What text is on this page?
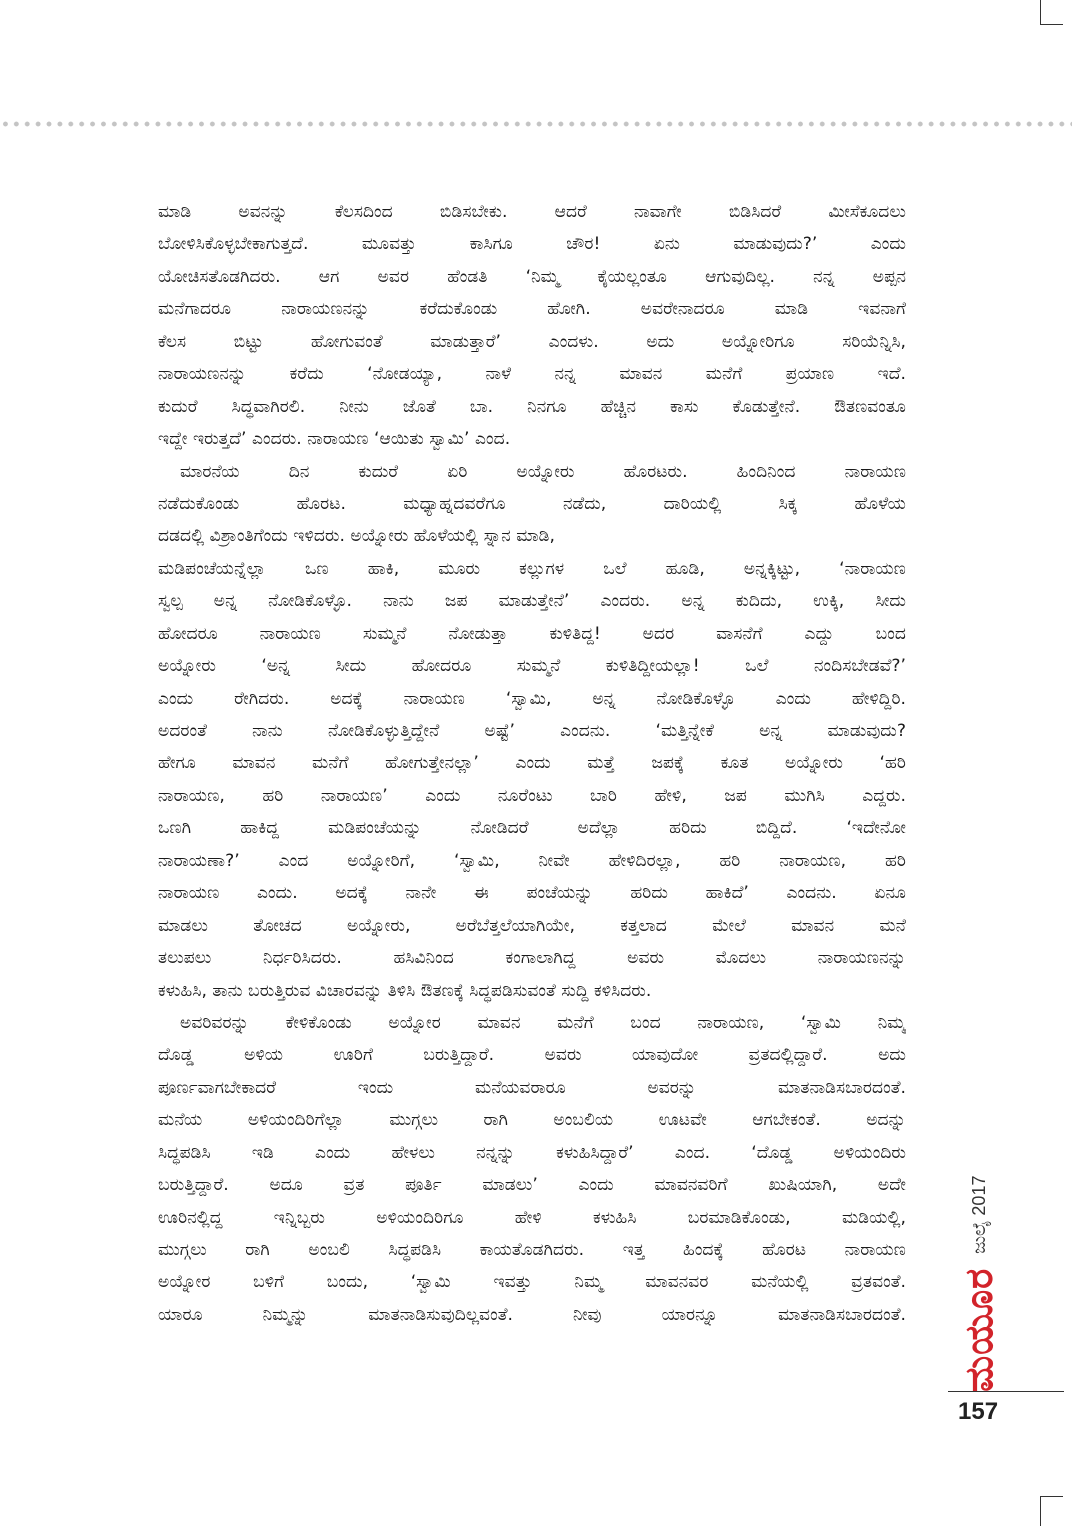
ಮಾಡಿ ಅವನನ್ನು ಕೆಲಸದಿಂದ ಬಿಡಿಸಬೇಕು. ಆದರೆ ನಾವಾಗೇ ಬಿಡಿಸಿದರೆ ಮೀಸೆಕೂದಲು
ಬೋಳಿಸಿಕೊಳ್ಳಬೇಕಾಗುತ್ತದೆ. ಮೂವತ್ತು ಕಾಸಿಗೂ ಚೌರ! ಏನು ಮಾಡುವುದು?’ ಎಂದು
ಯೋಚಿಸತೊಡಗಿದರು. ಆಗ ಅವರ ಹೆಂಡತಿ ‘ನಿಮ್ಮ ಕೈಯಲ್ಲಂತೂ ಆಗುವುದಿಲ್ಲ. ನನ್ನ ಅಪ್ಪನ
ಮನೆಗಾದರೂ ನಾರಾಯಣನನ್ನು ಕರೆದುಕೊಂಡು ಹೋಗಿ. ಅವರೇನಾದರೂ ಮಾಡಿ ಇವನಾಗೆ
ಕೆಲಸ ಬಿಟ್ಟು ಹೋಗುವಂತೆ ಮಾಡುತ್ತಾರೆ’ ಎಂದಳು. ಅದು ಅಯ್ನೋರಿಗೂ ಸರಿಯೆನ್ನಿಸಿ,
ನಾರಾಯಣನನ್ನು ಕರೆದು ‘ನೋಡಯ್ಯಾ, ನಾಳೆ ನನ್ನ ಮಾವನ ಮನೆಗೆ ಪ್ರಯಾಣ ಇದೆ.
ಕುದುರೆ ಸಿದ್ಧವಾಗಿರಲಿ. ನೀನು ಜೊತೆ ಬಾ. ನಿನಗೂ ಹೆಚ್ಚಿನ ಕಾಸು ಕೊಡುತ್ತೇನೆ. ಔತಣವಂತೂ
ಇದ್ದೇ ಇರುತ್ತದೆ’ ಎಂದರು. ನಾರಾಯಣ ‘ಆಯಿತು ಸ್ವಾಮಿ’ ಎಂದ.
ಮಾರನೆಯ ದಿನ ಕುದುರೆ ಏರಿ ಅಯ್ನೋರು ಹೊರಟರು. ಹಿಂದಿನಿಂದ ನಾರಾಯಣ
ನಡೆದುಕೊಂಡು ಹೊರಟ. ಮಧ್ಯಾಹ್ನದವರೆಗೂ ನಡೆದು, ದಾರಿಯಲ್ಲಿ ಸಿಕ್ಕ ಹೊಳೆಯ
ದಡದಲ್ಲಿ ವಿಶ್ರಾಂತಿಗೆಂದು ಇಳಿದರು. ಅಯ್ನೋರು ಹೊಳೆಯಲ್ಲಿ ಸ್ನಾನ ಮಾಡಿ,
ಮಡಿಪಂಚೆಯನ್ನೆಲ್ಲಾ ಒಣ ಹಾಕಿ, ಮೂರು ಕಲ್ಲುಗಳ ಒಲೆ ಹೂಡಿ, ಅನ್ನಕ್ಕಿಟ್ಟು, ‘ನಾರಾಯಣ
ಸ್ವಲ್ಪ ಅನ್ನ ನೋಡಿಕೊಳ್ಳೊ. ನಾನು ಜಪ ಮಾಡುತ್ತೇನೆ’ ಎಂದರು. ಅನ್ನ ಕುದಿದು, ಉಕ್ಕಿ, ಸೀದು
ಹೋದರೂ ನಾರಾಯಣ ಸುಮ್ಮನೆ ನೋಡುತ್ತಾ ಕುಳಿತಿದ್ದ! ಅದರ ವಾಸನೆಗೆ ಎದ್ದು ಬಂದ
ಅಯ್ನೋರು ‘ಅನ್ನ ಸೀದು ಹೋದರೂ ಸುಮ್ಮನೆ ಕುಳಿತಿದ್ದೀಯಲ್ಲಾ! ಒಲೆ ನಂದಿಸಬೇಡವೆ?’
ಎಂದು ರೇಗಿದರು. ಅದಕ್ಕೆ ನಾರಾಯಣ ‘ಸ್ವಾಮಿ, ಅನ್ನ ನೋಡಿಕೊಳ್ಳೊ ಎಂದು ಹೇಳಿದ್ದಿರಿ.
ಅದರಂತೆ ನಾನು ನೋಡಿಕೊಳ್ಳುತ್ತಿದ್ದೇನೆ ಅಷ್ಟೆ’ ಎಂದನು. ‘ಮತ್ತಿನ್ನೇಕೆ ಅನ್ನ ಮಾಡುವುದು?
ಹೇಗೂ ಮಾವನ ಮನೆಗೆ ಹೋಗುತ್ತೇನಲ್ಲಾ’ ಎಂದು ಮತ್ತೆ ಜಪಕ್ಕೆ ಕೂತ ಅಯ್ನೋರು ‘ಹರಿ
ನಾರಾಯಣ, ಹರಿ ನಾರಾಯಣ’ ಎಂದು ನೂರೆಂಟು ಬಾರಿ ಹೇಳಿ, ಜಪ ಮುಗಿಸಿ ಎದ್ದರು.
ಒಣಗಿ ಹಾಕಿದ್ದ ಮಡಿಪಂಚೆಯನ್ನು ನೋಡಿದರೆ ಅದೆಲ್ಲಾ ಹರಿದು ಬಿದ್ದಿದೆ. ‘ಇದೇನೋ
ನಾರಾಯಣಾ?’ ಎಂದ ಅಯ್ನೋರಿಗೆ, ‘ಸ್ವಾಮಿ, ನೀವೇ ಹೇಳಿದಿರಲ್ಲಾ, ಹರಿ ನಾರಾಯಣ, ಹರಿ
ನಾರಾಯಣ ಎಂದು. ಅದಕ್ಕೆ ನಾನೇ ಈ ಪಂಚೆಯನ್ನು ಹರಿದು ಹಾಕಿದೆ’ ಎಂದನು. ಏನೂ
ಮಾಡಲು ತೋಚದ ಅಯ್ನೋರು, ಅರೆಬೆತ್ತಲೆಯಾಗಿಯೇ, ಕತ್ತಲಾದ ಮೇಲೆ ಮಾವನ ಮನೆ
ತಲುಪಲು ನಿರ್ಧರಿಸಿದರು. ಹಸಿವಿನಿಂದ ಕಂಗಾಲಾಗಿದ್ದ ಅವರು ಮೊದಲು ನಾರಾಯಣನನ್ನು
ಕಳುಹಿಸಿ, ತಾನು ಬರುತ್ತಿರುವ ವಿಚಾರವನ್ನು ತಿಳಿಸಿ ಔತಣಕ್ಕೆ ಸಿದ್ಧಪಡಿಸುವಂತೆ ಸುದ್ದಿ ಕಳಿಸಿದರು.
ಅವರಿವರನ್ನು ಕೇಳಿಕೊಂಡು ಅಯ್ನೋರ ಮಾವನ ಮನೆಗೆ ಬಂದ ನಾರಾಯಣ, ‘ಸ್ವಾಮಿ ನಿಮ್ಮ
ದೊಡ್ಡ ಅಳಿಯ ಊರಿಗೆ ಬರುತ್ತಿದ್ದಾರೆ. ಅವರು ಯಾವುದೋ ವ್ರತದಲ್ಲಿದ್ದಾರೆ. ಅದು
ಪೂರ್ಣವಾಗಬೇಕಾದರೆ ಇಂದು ಮನೆಯವರಾರೂ ಅವರನ್ನು ಮಾತನಾಡಿಸಬಾರದಂತೆ.
ಮನೆಯ ಅಳಿಯಂದಿರಿಗೆಲ್ಲಾ ಮುಗ್ಗಲು ರಾಗಿ ಅಂಬಲಿಯ ಊಟವೇ ಆಗಬೇಕಂತೆ. ಅದನ್ನು
ಸಿದ್ಧಪಡಿಸಿ ಇಡಿ ಎಂದು ಹೇಳಲು ನನ್ನನ್ನು ಕಳುಹಿಸಿದ್ದಾರೆ’ ಎಂದ. ‘ದೊಡ್ಡ ಅಳಿಯಂದಿರು
ಬರುತ್ತಿದ್ದಾರೆ. ಅದೂ ವ್ರತ ಪೂರ್ತಿ ಮಾಡಲು’ ಎಂದು ಮಾವನವರಿಗೆ ಖುಷಿಯಾಗಿ, ಅದೇ
ಊರಿನಲ್ಲಿದ್ದ ಇನ್ನಿಬ್ಬರು ಅಳಿಯಂದಿರಿಗೂ ಹೇಳಿ ಕಳುಹಿಸಿ ಬರಮಾಡಿಕೊಂಡು, ಮಡಿಯಲ್ಲಿ,
ಮುಗ್ಗಲು ರಾಗಿ ಅಂಬಲಿ ಸಿದ್ಧಪಡಿಸಿ ಕಾಯತೊಡಗಿದರು. ಇತ್ತ ಹಿಂದಕ್ಕೆ ಹೊರಟ ನಾರಾಯಣ
ಅಯ್ನೋರ ಬಳಿಗೆ ಬಂದು, ‘ಸ್ವಾಮಿ ಇವತ್ತು ನಿಮ್ಮ ಮಾವನವರ ಮನೆಯಲ್ಲಿ ವ್ರತವಂತೆ.
ಯಾರೂ ನಿಮ್ಮನ್ನು ಮಾತನಾಡಿಸುವುದಿಲ್ಲವಂತೆ. ನೀವು ಯಾರನ್ನೂ ಮಾತನಾಡಿಸಬಾರದಂತೆ. ಮಯೂರ
ಜುಲೈ 2017
157
